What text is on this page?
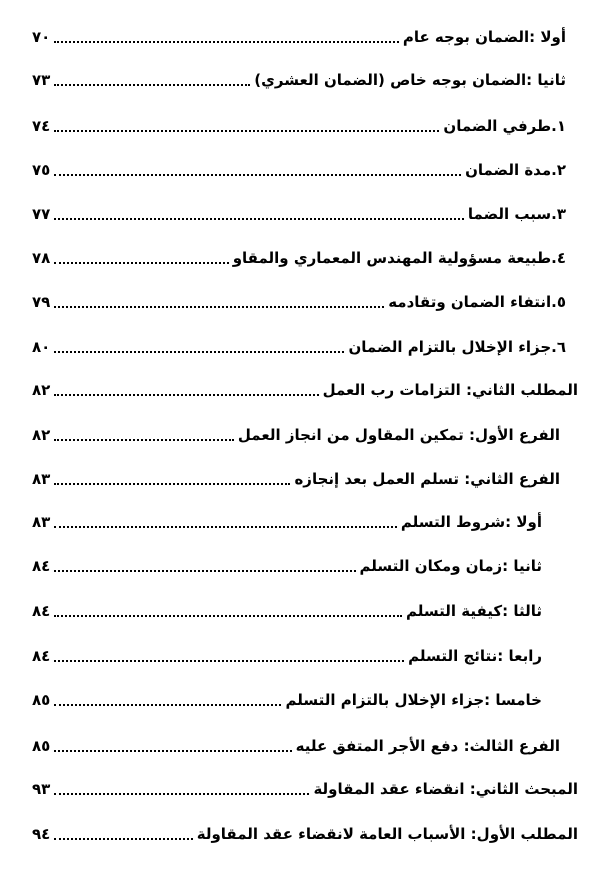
٧٠	أولا :الضمان بوجه عام
٧٣	ثانيا :الضمان بوجه خاص (الضمان العشري)
٧٤	١.طرفي الضمان
٧٥	٢.مدة الضمان
٧٧	٣.سبب الضما
٧٨	٤.طبيعة مسؤولية المهندس المعماري والمقاو
٧٩	٥.انتفاء الضمان وتقادمه
٨٠	٦.جزاء الإخلال بالتزام الضمان
٨٢	المطلب الثاني: التزامات رب العمل
٨٢	الفرع الأول: تمكين المقاول من انجاز العمل
٨٣	الفرع الثاني: تسلم العمل بعد إنجازه
٨٣	أولا :شروط التسلم
٨٤	ثانيا :زمان ومكان التسلم
٨٤	ثالثا :كيفية التسلم
٨٤	رابعا :نتائج التسلم
٨٥	خامسا :جزاء الإخلال بالتزام التسلم
٨٥	الفرع الثالث: دفع الأجر المتفق عليه
٩٣	المبحث الثاني: انقضاء عقد المقاولة
٩٤	المطلب الأول: الأسباب العامة لانقضاء عقد المقاولة
